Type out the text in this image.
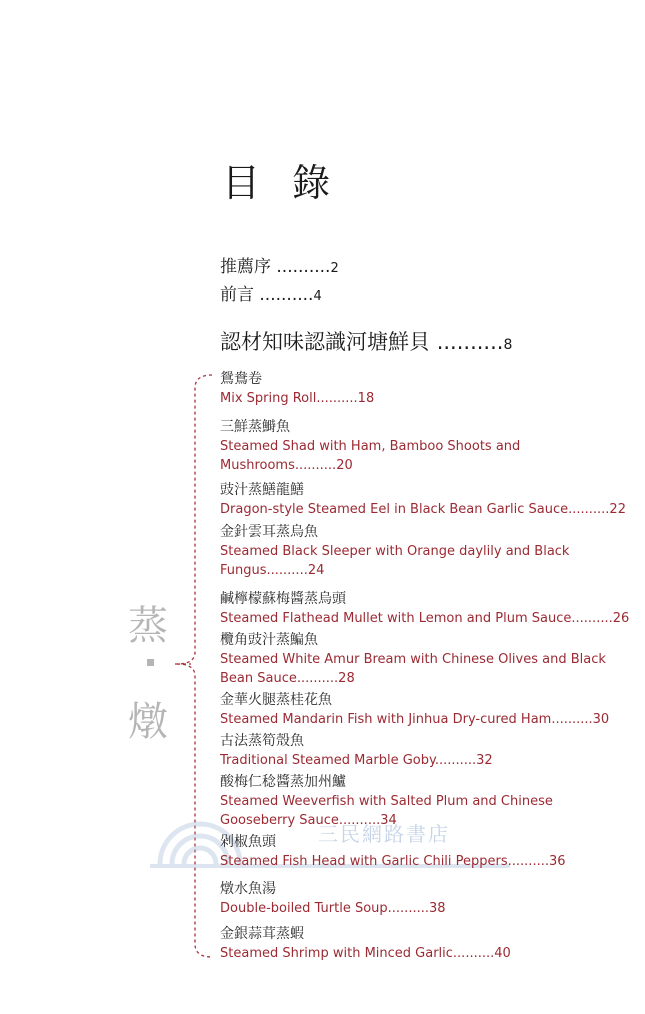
目 錄
推薦序 ..........2
前言 ..........4
認材知味認識河塘鮮貝 ..........8
蒸
燉
三民網路書店
鴛鴦卷
Mix Spring Roll..........18
三鮮蒸鰣魚
Steamed Shad with Ham, Bamboo Shoots and Mushrooms..........20
豉汁蒸鱔龍鱔
Dragon-style Steamed Eel in Black Bean Garlic Sauce..........22
金針雲耳蒸烏魚
Steamed Black Sleeper with Orange daylily and Black Fungus..........24
鹹檸檬蘇梅醬蒸烏頭
Steamed Flathead Mullet with Lemon and Plum Sauce..........26
欖角豉汁蒸鯿魚
Steamed White Amur Bream with Chinese Olives and Black Bean Sauce..........28
金華火腿蒸桂花魚
Steamed Mandarin Fish with Jinhua Dry-cured Ham..........30
古法蒸筍殼魚
Traditional Steamed Marble Goby..........32
酸梅仁稔醬蒸加州鱸
Steamed Weeverfish with Salted Plum and Chinese Gooseberry Sauce..........34
剁椒魚頭
Steamed Fish Head with Garlic Chili Peppers..........36
燉水魚湯
Double-boiled Turtle Soup..........38
金銀蒜茸蒸蝦
Steamed Shrimp with Minced Garlic..........40
